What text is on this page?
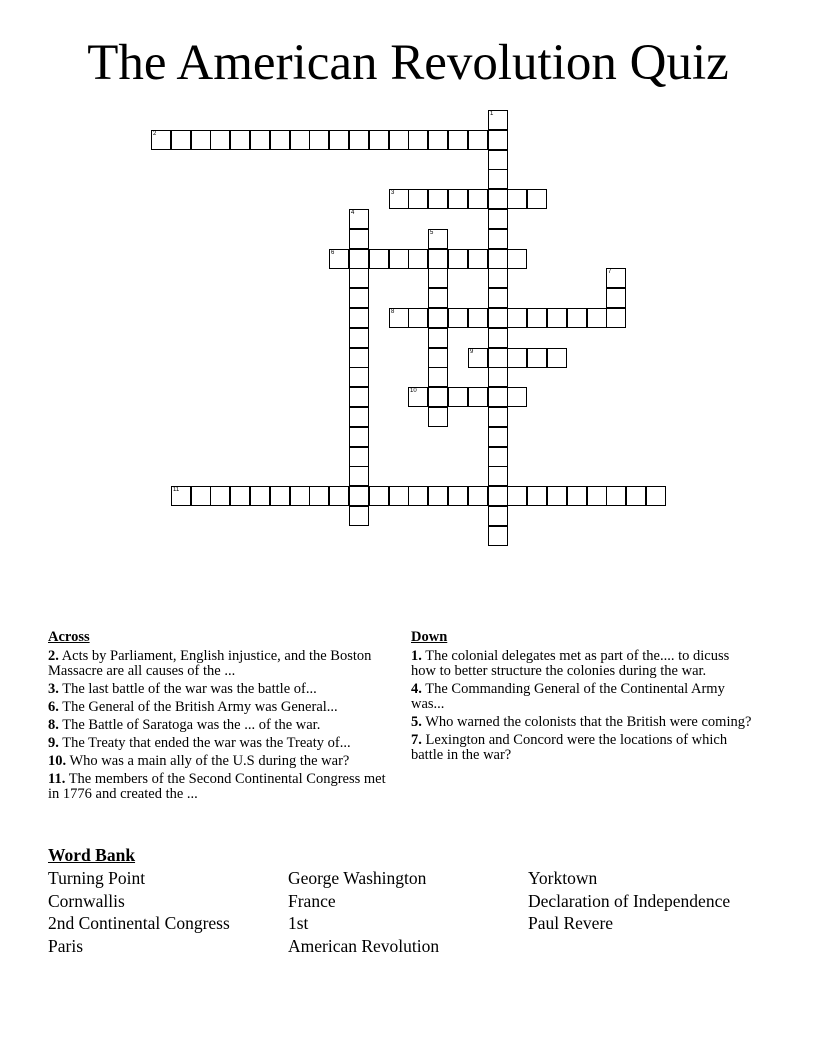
The American Revolution Quiz
2
3
6
8
9
10
11
1
4
5
7
Across
2. Acts by Parliament, English injustice, and the Boston Massacre are all causes of the ...
3. The last battle of the war was the battle of...
6. The General of the British Army was General...
8. The Battle of Saratoga was the ... of the war.
9. The Treaty that ended the war was the Treaty of...
10. Who was a main ally of the U.S during the war?
11. The members of the Second Continental Congress met in 1776 and created the ...
Down
1. The colonial delegates met as part of the.... to dicuss how to better structure the colonies during the war.
4. The Commanding General of the Continental Army was...
5. Who warned the colonists that the British were coming?
7. Lexington and Concord were the locations of which battle in the war?
Word Bank
Turning Point	George Washington	Yorktown
Cornwallis	France	Declaration of Independence
2nd Continental Congress	1st	Paul Revere
Paris	American Revolution
